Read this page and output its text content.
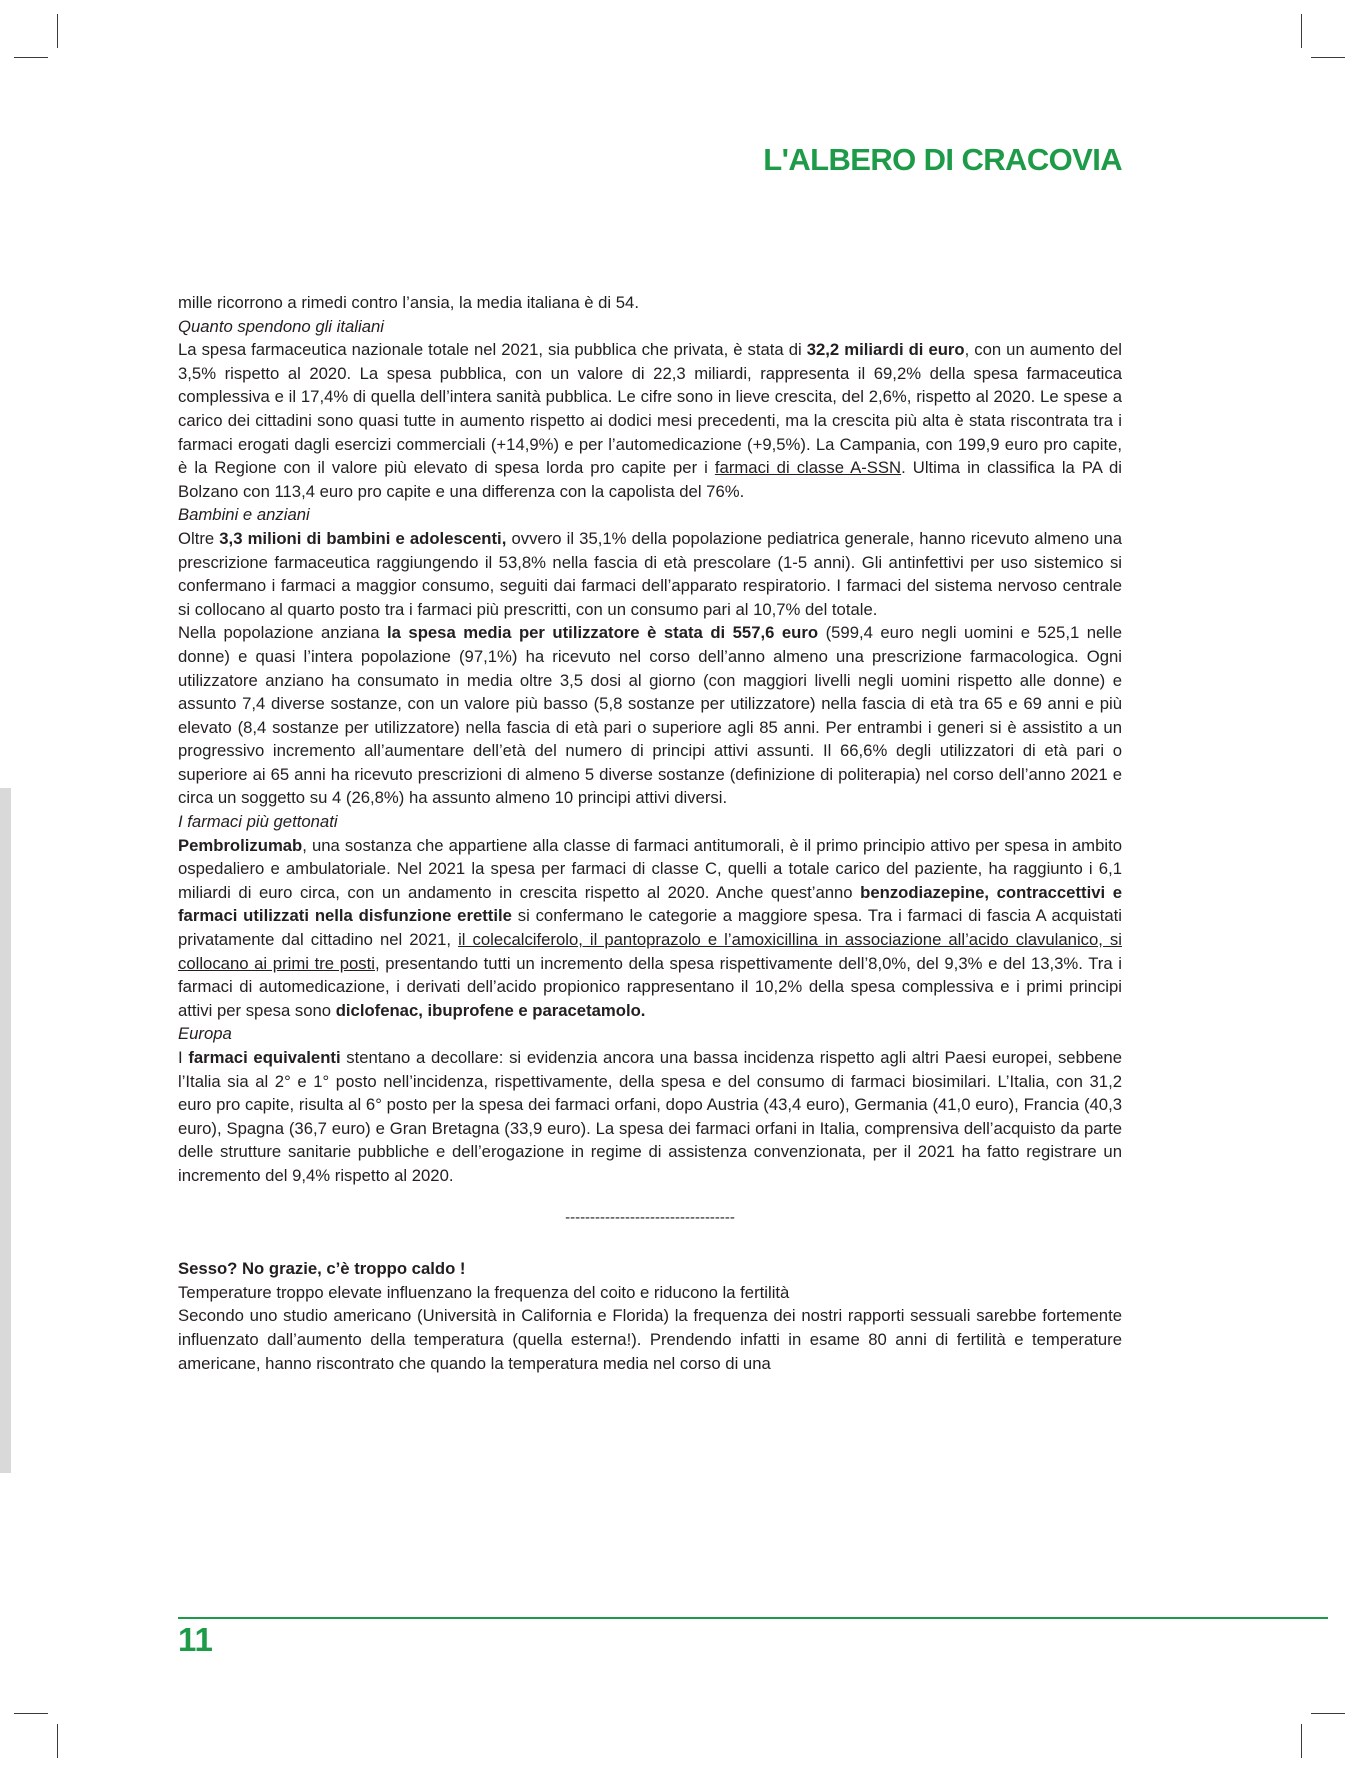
L'ALBERO DI CRACOVIA

mille ricorrono a rimedi contro l’ansia, la media italiana è di 54.

Quanto spendono gli italiani

La spesa farmaceutica nazionale totale nel 2021, sia pubblica che privata, è stata di 32,2 miliardi di euro, con un aumento del 3,5% rispetto al 2020. La spesa pubblica, con un valore di 22,3 miliardi, rappresenta il 69,2% della spesa farmaceutica complessiva e il 17,4% di quella dell’intera sanità pubblica. Le cifre sono in lieve crescita, del 2,6%, rispetto al 2020. Le spese a carico dei cittadini sono quasi tutte in aumento rispetto ai dodici mesi precedenti, ma la crescita più alta è stata riscontrata tra i farmaci erogati dagli esercizi commerciali (+14,9%) e per l’automedicazione (+9,5%). La Campania, con 199,9 euro pro capite, è la Regione con il valore più elevato di spesa lorda pro capite per i farmaci di classe A-SSN. Ultima in classifica la PA di Bolzano con 113,4 euro pro capite e una differenza con la capolista del 76%.

Bambini e anziani

Oltre 3,3 milioni di bambini e adolescenti, ovvero il 35,1% della popolazione pediatrica generale, hanno ricevuto almeno una prescrizione farmaceutica raggiungendo il 53,8% nella fascia di età prescolare (1-5 anni). Gli antinfettivi per uso sistemico si confermano i farmaci a maggior consumo, seguiti dai farmaci dell’apparato respiratorio. I farmaci del sistema nervoso centrale si collocano al quarto posto tra i farmaci più prescritti, con un consumo pari al 10,7% del totale.

Nella popolazione anziana la spesa media per utilizzatore è stata di 557,6 euro (599,4 euro negli uomini e 525,1 nelle donne) e quasi l’intera popolazione (97,1%) ha ricevuto nel corso dell’anno almeno una prescrizione farmacologica. Ogni utilizzatore anziano ha consumato in media oltre 3,5 dosi al giorno (con maggiori livelli negli uomini rispetto alle donne) e assunto 7,4 diverse sostanze, con un valore più basso (5,8 sostanze per utilizzatore) nella fascia di età tra 65 e 69 anni e più elevato (8,4 sostanze per utilizzatore) nella fascia di età pari o superiore agli 85 anni. Per entrambi i generi si è assistito a un progressivo incremento all’aumentare dell’età del numero di principi attivi assunti. Il 66,6% degli utilizzatori di età pari o superiore ai 65 anni ha ricevuto prescrizioni di almeno 5 diverse sostanze (definizione di politerapia) nel corso dell’anno 2021 e circa un soggetto su 4 (26,8%) ha assunto almeno 10 principi attivi diversi.

I farmaci più gettonati

Pembrolizumab, una sostanza che appartiene alla classe di farmaci antitumorali, è il primo principio attivo per spesa in ambito ospedaliero e ambulatoriale. Nel 2021 la spesa per farmaci di classe C, quelli a totale carico del paziente, ha raggiunto i 6,1 miliardi di euro circa, con un andamento in crescita rispetto al 2020. Anche quest’anno benzodiazepine, contraccettivi e farmaci utilizzati nella disfunzione erettile si confermano le categorie a maggiore spesa. Tra i farmaci di fascia A acquistati privatamente dal cittadino nel 2021, il colecalciferolo, il pantoprazolo e l’amoxicillina in associazione all’acido clavulanico, si collocano ai primi tre posti, presentando tutti un incremento della spesa rispettivamente dell’8,0%, del 9,3% e del 13,3%. Tra i farmaci di automedicazione, i derivati dell’acido propionico rappresentano il 10,2% della spesa complessiva e i primi principi attivi per spesa sono diclofenac, ibuprofene e paracetamolo.

Europa

I farmaci equivalenti stentano a decollare: si evidenzia ancora una bassa incidenza rispetto agli altri Paesi europei, sebbene l’Italia sia al 2° e 1° posto nell’incidenza, rispettivamente, della spesa e del consumo di farmaci biosimilari. L’Italia, con 31,2 euro pro capite, risulta al 6° posto per la spesa dei farmaci orfani, dopo Austria (43,4 euro), Germania (41,0 euro), Francia (40,3 euro), Spagna (36,7 euro) e Gran Bretagna (33,9 euro). La spesa dei farmaci orfani in Italia, comprensiva dell’acquisto da parte delle strutture sanitarie pubbliche e dell’erogazione in regime di assistenza convenzionata, per il 2021 ha fatto registrare un incremento del 9,4% rispetto al 2020.

----------------------------------

Sesso? No grazie, c’è troppo caldo !

Temperature troppo elevate influenzano la frequenza del coito e riducono la fertilità

Secondo uno studio americano (Università in California e Florida) la frequenza dei nostri rapporti sessuali sarebbe fortemente influenzato dall’aumento della temperatura (quella esterna!). Prendendo infatti in esame 80 anni di fertilità e temperature americane, hanno riscontrato che quando la temperatura media nel corso di una

11
